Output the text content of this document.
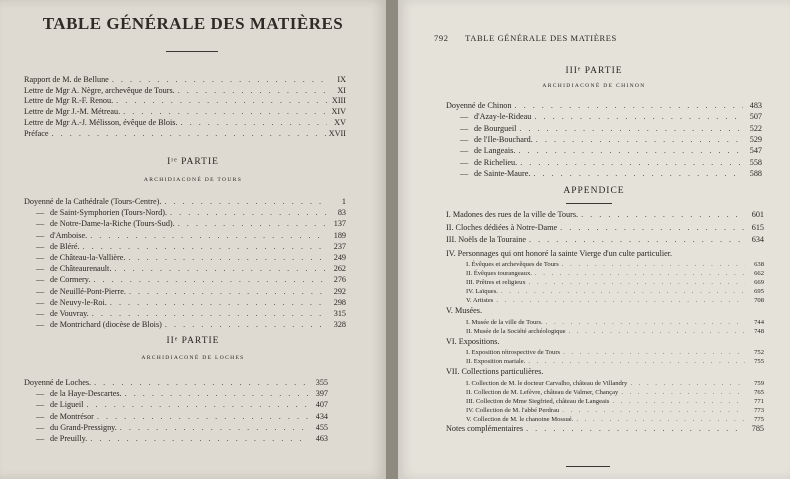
TABLE GÉNÉRALE DES MATIÈRES
Rapport de M. de Bellune . . .	IX
Lettre de Mgr A. Nègre, archevêque de Tours. . . .	XI
Lettre de Mgr R.-F. Renou. . . .	XIII
Lettre de Mgr J.-M. Métreau. . . .	XIV
Lettre de Mgr A.-J. Mélisson, évêque de Blois. . . .	XV
Préface . . .	XVII
Iʳᵉ PARTIE
ARCHIDIACONÉ DE TOURS
Doyenné de la Cathédrale (Tours-Centre). . . .	1
— de Saint-Symphorien (Tours-Nord). . . .	83
— de Notre-Dame-la-Riche (Tours-Sud). . . .	137
— d'Amboise. . . .	189
— de Bléré. . . .	237
— de Château-la-Vallière. . . .	249
— de Châteaurenault. . . .	262
— de Cormery. . . .	276
— de Neuillé-Pont-Pierre. . . .	292
— de Neuvy-le-Roi. . . .	298
— de Vouvray. . . .	315
— de Montrichard (diocèse de Blois) . . .	328
IIᵉ PARTIE
ARCHIDIACONÉ DE LOCHES
Doyenné de Loches. . . .	355
— de la Haye-Descartes. . . .	397
— de Ligueil . . .	407
— de Montrésor . . .	434
— du Grand-Pressigny. . . .	455
— de Preuilly. . . .	463
792 TABLE GÉNÉRALE DES MATIÈRES
IIIᵉ PARTIE
ARCHIDIACONÉ DE CHINON
Doyenné de Chinon . . .	483
— d'Azay-le-Rideau . . .	507
— de Bourgueil . . .	522
— de l'Ile-Bouchard. . . .	529
— de Langeais. . . .	547
— de Richelieu. . . .	558
— de Sainte-Maure. . . .	588
APPENDICE
I. Madones des rues de la ville de Tours. . . .	601
II. Cloches dédiées à Notre-Dame . . .	615
III. Noëls de la Touraine . . .	634
IV. Personnages qui ont honoré la sainte Vierge d'un culte particulier.
I. Évêques et archevêques de Tours . . .	638
II. Évêques tourangeaux. . . .	662
III. Prêtres et religieux . . .	669
IV. Laïques. . . .	695
V. Artistes . . .	708
V. Musées.
I. Musée de la ville de Tours. . . .	744
II. Musée de la Société archéologique . . .	748
VI. Expositions.
I. Exposition rétrospective de Tours . . .	752
II. Exposition mariale. . . .	755
VII. Collections particulières.
I. Collection de M. le docteur Carvalho, château de Villandry . . .	759
II. Collection de M. Lefèvre, château de Valmer, Chançay . . .	765
III. Collection de Mme Siegfried, château de Langeais . . .	771
IV. Collection de M. l'abbé Perdrau . . .	773
V. Collection de M. le chanoine Mossué. . . .	775
Notes complémentaires . . .	785
